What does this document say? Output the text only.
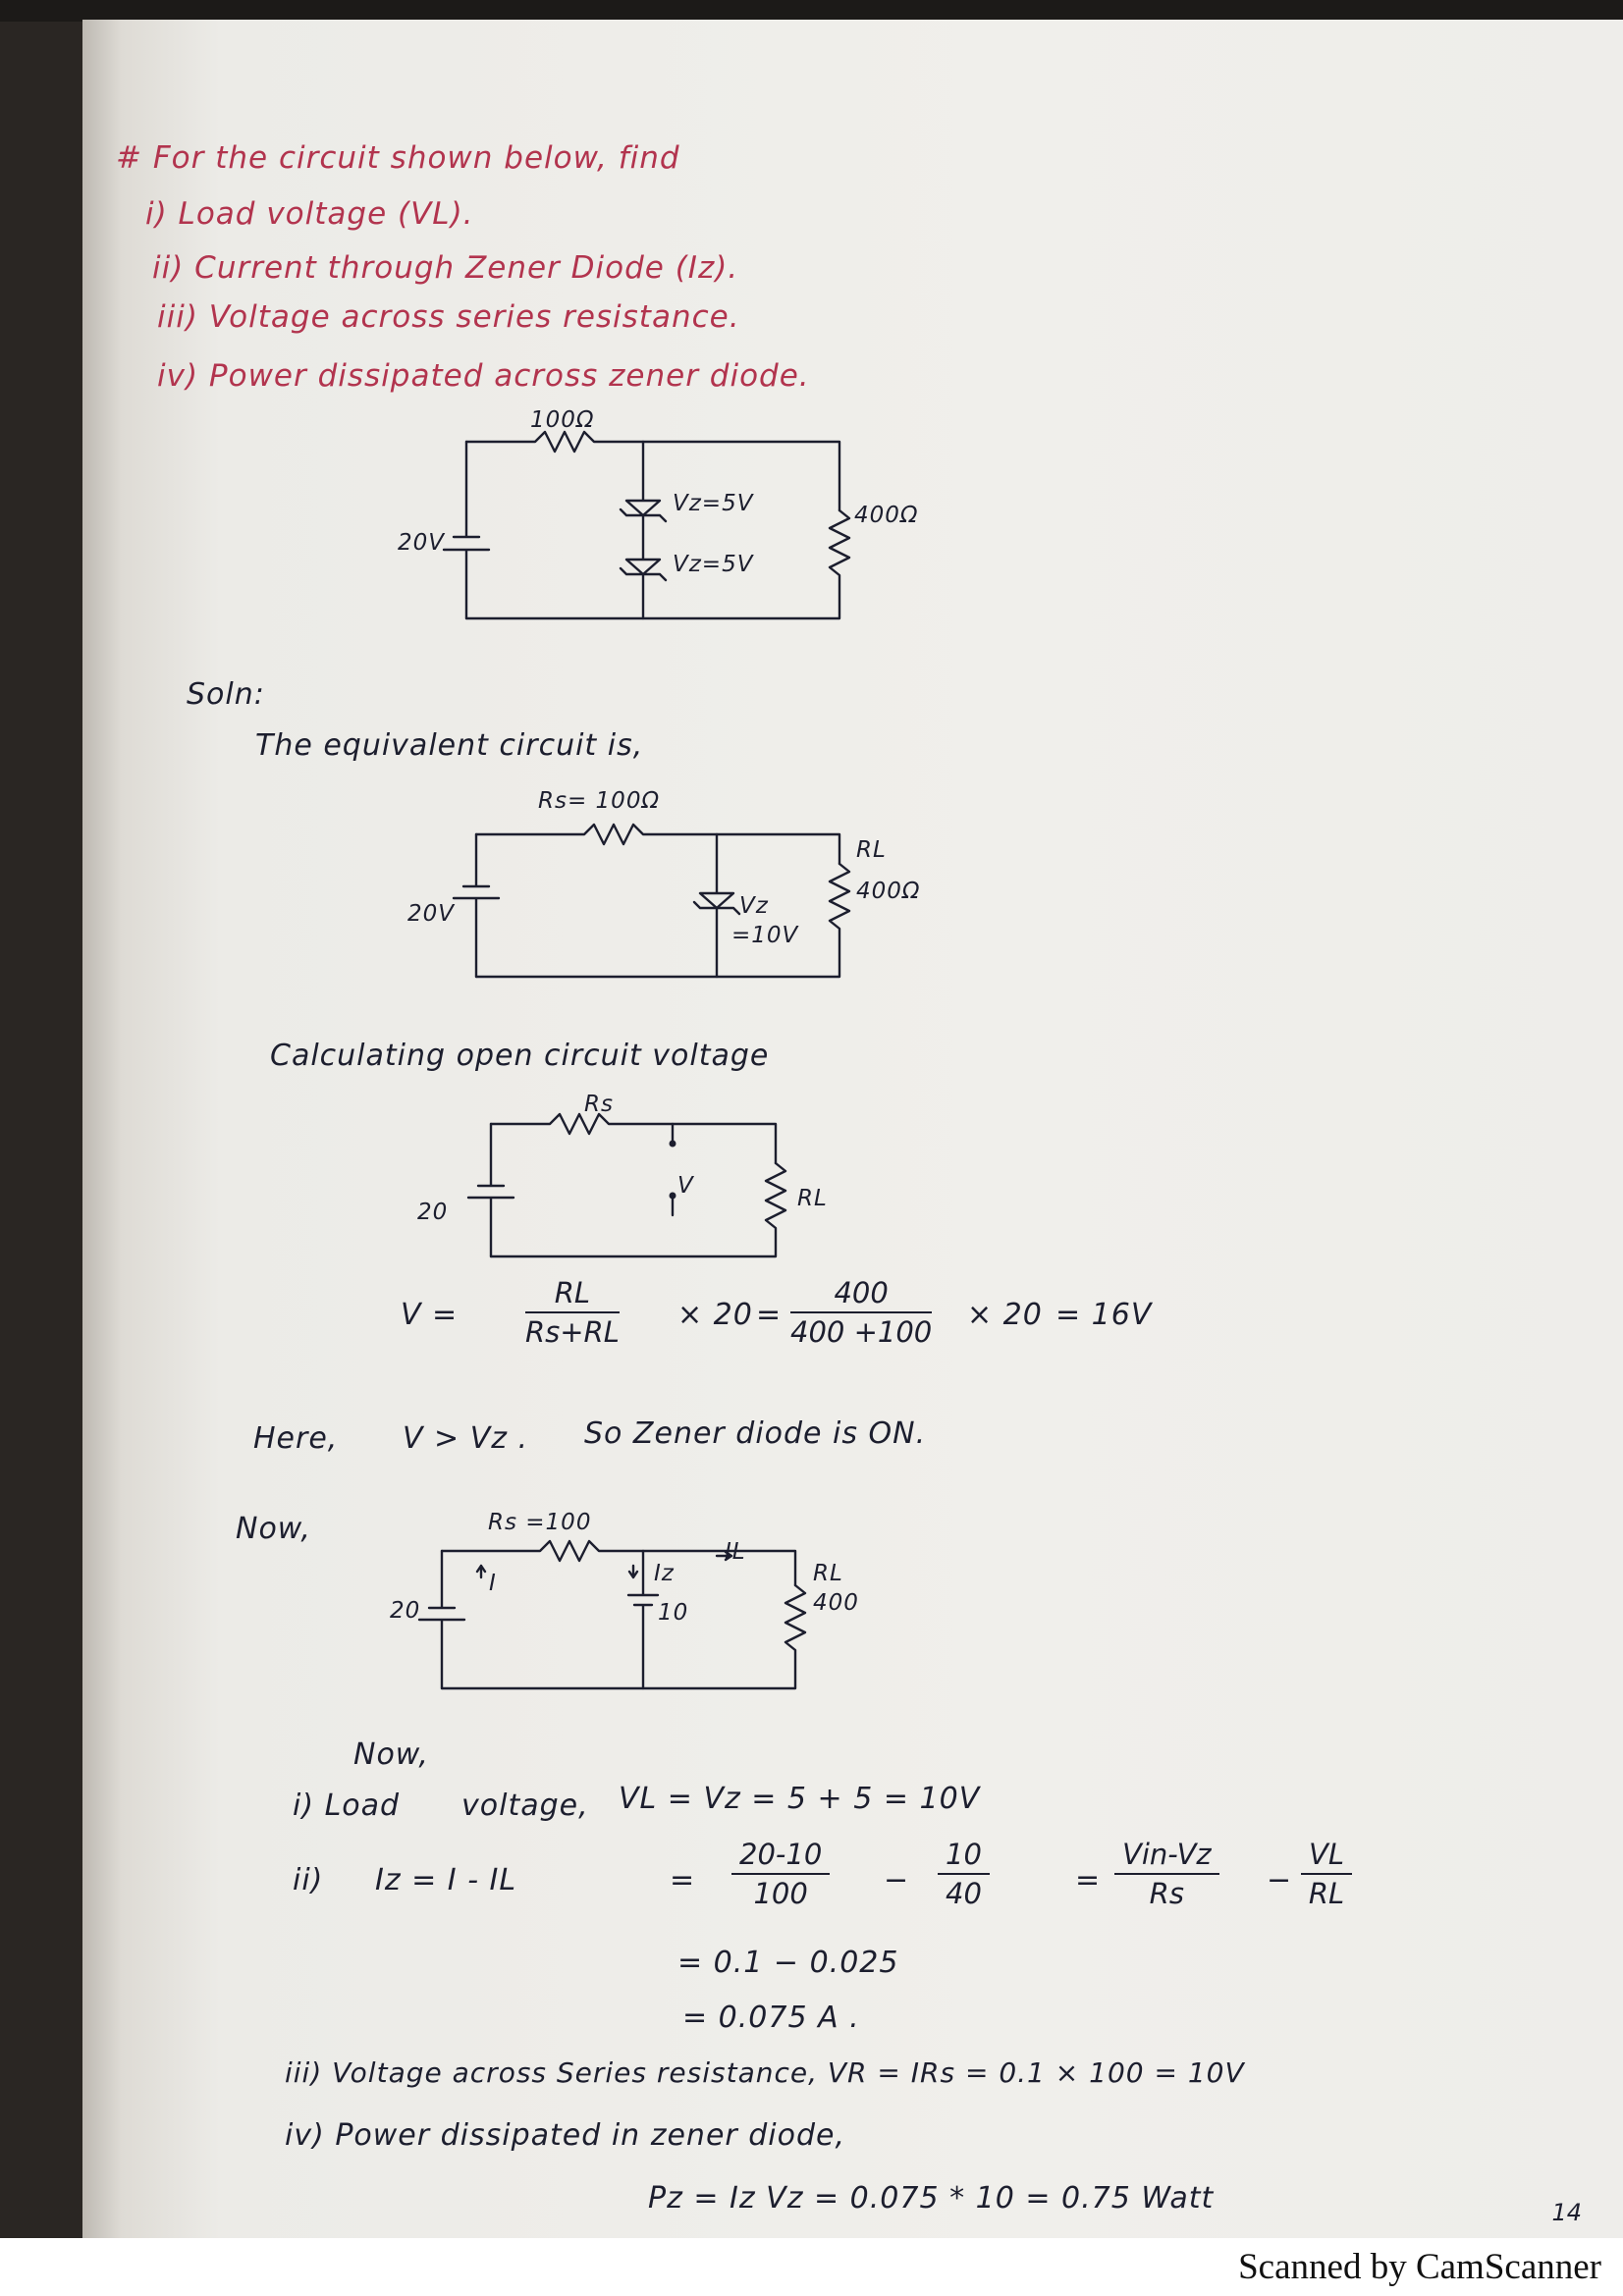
# For the circuit shown below, find
i) Load voltage (VL).
ii) Current through Zener Diode (Iz).
iii) Voltage across series resistance.
iv) Power dissipated across zener diode.
100Ω
20V
Vz=5V
Vz=5V
400Ω
Soln:
The equivalent circuit is,
Rs= 100Ω
20V
RL
400Ω
Vz
=10V
Calculating open circuit voltage
Rs
20
V	RL
$V = \frac{RL}{Rs+RL} \times 20 = \frac{400}{400 +100} \times 20 = 16V$
Here, V > Vz . So Zener diode is ON.
Now,	Rs =100
20
I	Iz
10
IL
RL
400
Now,
i) Load voltage, VL = Vz = 5 + 5 = 10V
ii) Iz = I - IL	= $\frac{20-10}{100} - \frac{10}{40}$	=
Vin-Vz
Rs	− $\frac{VL}{RL}$
= 0.1 − 0.025
= 0.075 A .
iii) Voltage across Series resistance, VR = IRs = 0.1 × 100 = 10V
iv) Power dissipated in zener diode,
Pz = Iz Vz = 0.075 * 10 = 0.75 Watt	14
Scanned by CamScanner
